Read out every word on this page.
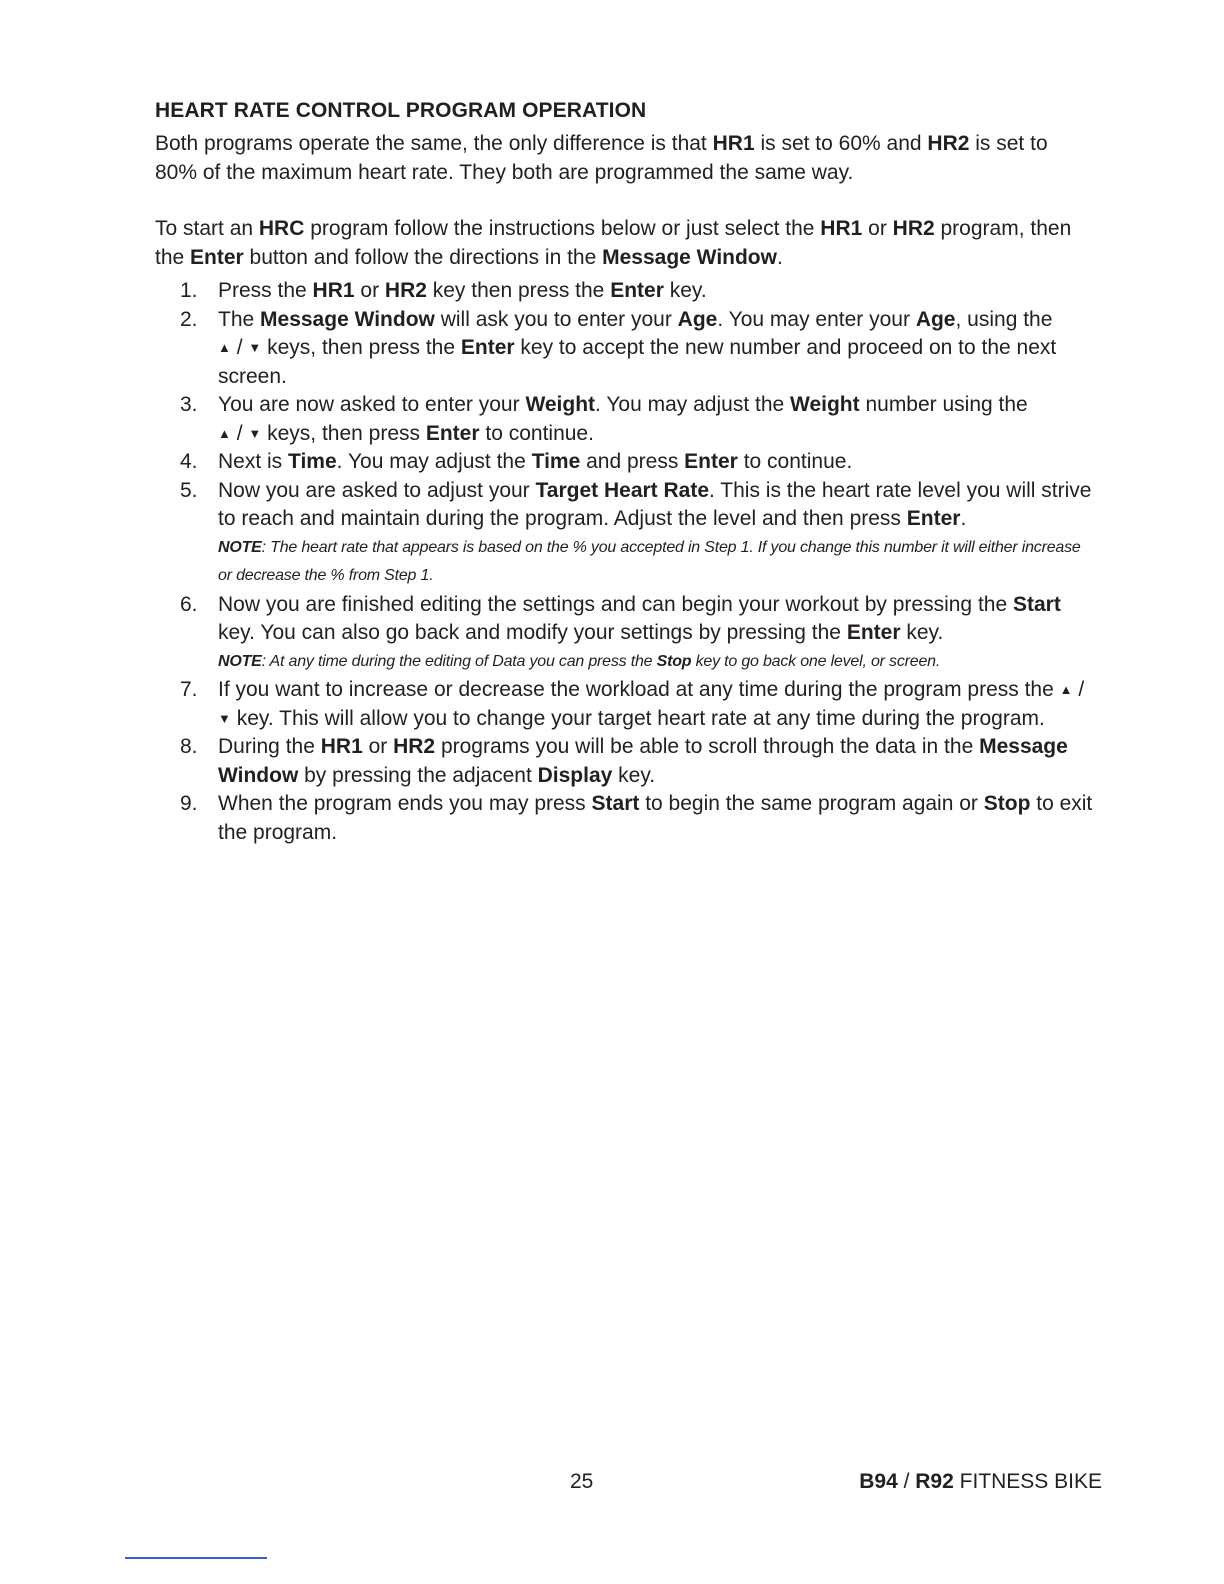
HEART RATE CONTROL PROGRAM OPERATION

Both programs operate the same, the only difference is that HR1 is set to 60% and HR2 is set to 80% of the maximum heart rate. They both are programmed the same way.

To start an HRC program follow the instructions below or just select the HR1 or HR2 program, then the Enter button and follow the directions in the Message Window.

1. Press the HR1 or HR2 key then press the Enter key.
2. The Message Window will ask you to enter your Age. You may enter your Age, using the
▲ / ▼ keys, then press the Enter key to accept the new number and proceed on to the next screen.
3. You are now asked to enter your Weight. You may adjust the Weight number using the
▲ / ▼ keys, then press Enter to continue.
4. Next is Time. You may adjust the Time and press Enter to continue.
5. Now you are asked to adjust your Target Heart Rate. This is the heart rate level you will strive to reach and maintain during the program. Adjust the level and then press Enter.
NOTE: The heart rate that appears is based on the % you accepted in Step 1. If you change this number it will either increase or decrease the % from Step 1.
6. Now you are finished editing the settings and can begin your workout by pressing the Start key. You can also go back and modify your settings by pressing the Enter key.
NOTE: At any time during the editing of Data you can press the Stop key to go back one level, or screen.
7. If you want to increase or decrease the workload at any time during the program press the ▲ / ▼ key. This will allow you to change your target heart rate at any time during the program.
8. During the HR1 or HR2 programs you will be able to scroll through the data in the Message Window by pressing the adjacent Display key.
9. When the program ends you may press Start to begin the same program again or Stop to exit the program.
25	B94 / R92 FITNESS BIKE
